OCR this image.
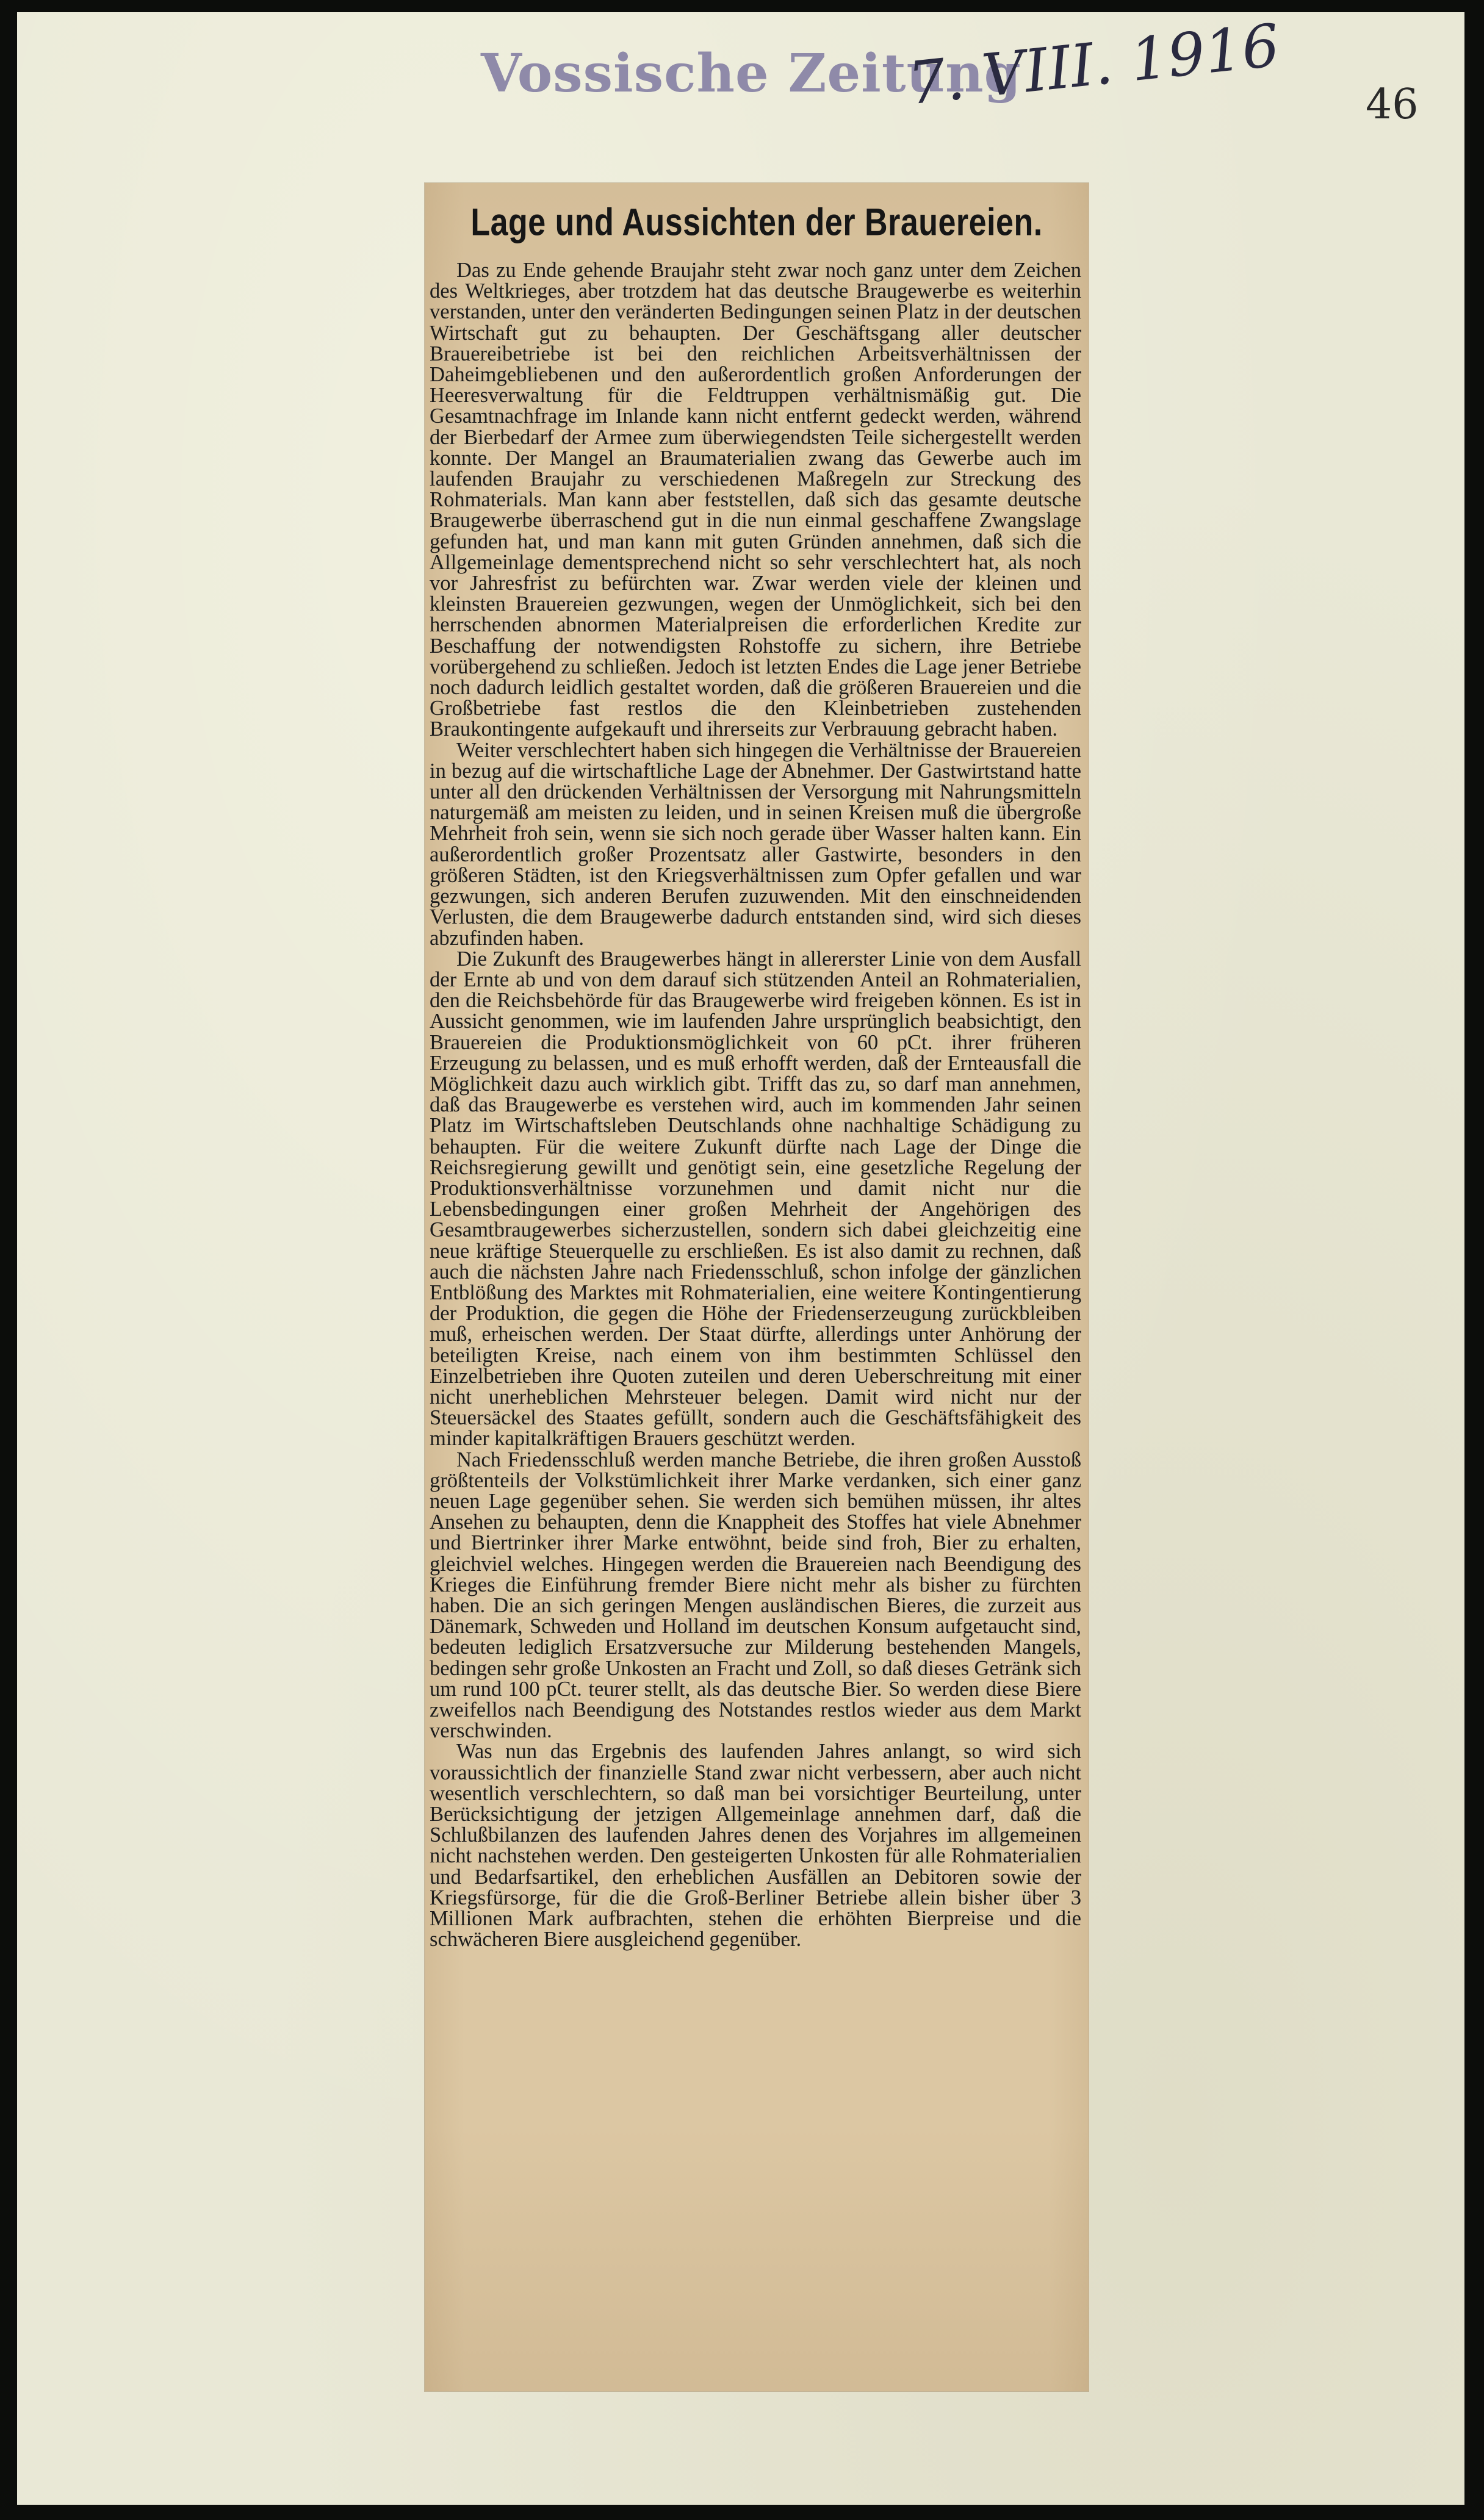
Vossische Zeitung
7. VIII. 1916 46
Lage und Aussichten der Brauereien.

Das zu Ende gehende Braujahr steht zwar noch ganz unter dem Zeichen des Weltkrieges, aber trotzdem hat das deutsche Braugewerbe es weiterhin verstanden, unter den veränderten Bedingungen seinen Platz in der deutschen Wirtschaft gut zu behaupten. Der Geschäftsgang aller deutscher Brauereibetriebe ist bei den reichlichen Arbeitsverhältnissen der Daheimgebliebenen und den außerordentlich großen Anforderungen der Heeresverwaltung für die Feldtruppen verhältnismäßig gut. Die Gesamtnachfrage im Inlande kann nicht entfernt gedeckt werden, während der Bierbedarf der Armee zum überwiegendsten Teile sichergestellt werden konnte. Der Mangel an Braumaterialien zwang das Gewerbe auch im laufenden Braujahr zu verschiedenen Maßregeln zur Streckung des Rohmaterials. Man kann aber feststellen, daß sich das gesamte deutsche Braugewerbe überraschend gut in die nun einmal geschaffene Zwangslage gefunden hat, und man kann mit guten Gründen annehmen, daß sich die Allgemeinlage dementsprechend nicht so sehr verschlechtert hat, als noch vor Jahresfrist zu befürchten war. Zwar werden viele der kleinen und kleinsten Brauereien gezwungen, wegen der Unmöglichkeit, sich bei den herrschenden abnormen Materialpreisen die erforderlichen Kredite zur Beschaffung der notwendigsten Rohstoffe zu sichern, ihre Betriebe vorübergehend zu schließen. Jedoch ist letzten Endes die Lage jener Betriebe noch dadurch leidlich gestaltet worden, daß die größeren Brauereien und die Großbetriebe fast restlos die den Kleinbetrieben zustehenden Braukontingente aufgekauft und ihrerseits zur Verbrauung gebracht haben.

Weiter verschlechtert haben sich hingegen die Verhältnisse der Brauereien in bezug auf die wirtschaftliche Lage der Abnehmer. Der Gastwirtstand hatte unter all den drückenden Verhältnissen der Versorgung mit Nahrungsmitteln naturgemäß am meisten zu leiden, und in seinen Kreisen muß die übergroße Mehrheit froh sein, wenn sie sich noch gerade über Wasser halten kann. Ein außerordentlich großer Prozentsatz aller Gastwirte, besonders in den größeren Städten, ist den Kriegsverhältnissen zum Opfer gefallen und war gezwungen, sich anderen Berufen zuzuwenden. Mit den einschneidenden Verlusten, die dem Braugewerbe dadurch entstanden sind, wird sich dieses abzufinden haben.

Die Zukunft des Braugewerbes hängt in allererster Linie von dem Ausfall der Ernte ab und von dem darauf sich stützenden Anteil an Rohmaterialien, den die Reichsbehörde für das Braugewerbe wird freigeben können. Es ist in Aussicht genommen, wie im laufenden Jahre ursprünglich beabsichtigt, den Brauereien die Produktionsmöglichkeit von 60 pCt. ihrer früheren Erzeugung zu belassen, und es muß erhofft werden, daß der Ernteausfall die Möglichkeit dazu auch wirklich gibt. Trifft das zu, so darf man annehmen, daß das Braugewerbe es verstehen wird, auch im kommenden Jahr seinen Platz im Wirtschaftsleben Deutschlands ohne nachhaltige Schädigung zu behaupten. Für die weitere Zukunft dürfte nach Lage der Dinge die Reichsregierung gewillt und genötigt sein, eine gesetzliche Regelung der Produktionsverhältnisse vorzunehmen und damit nicht nur die Lebensbedingungen einer großen Mehrheit der Angehörigen des Gesamtbraugewerbes sicherzustellen, sondern sich dabei gleichzeitig eine neue kräftige Steuerquelle zu erschließen. Es ist also damit zu rechnen, daß auch die nächsten Jahre nach Friedensschluß, schon infolge der gänzlichen Entblößung des Marktes mit Rohmaterialien, eine weitere Kontingentierung der Produktion, die gegen die Höhe der Friedenserzeugung zurückbleiben muß, erheischen werden. Der Staat dürfte, allerdings unter Anhörung der beteiligten Kreise, nach einem von ihm bestimmten Schlüssel den Einzelbetrieben ihre Quoten zuteilen und deren Ueberschreitung mit einer nicht unerheblichen Mehrsteuer belegen. Damit wird nicht nur der Steuersäckel des Staates gefüllt, sondern auch die Geschäftsfähigkeit des minder kapitalkräftigen Brauers geschützt werden.

Nach Friedensschluß werden manche Betriebe, die ihren großen Ausstoß größtenteils der Volkstümlichkeit ihrer Marke verdanken, sich einer ganz neuen Lage gegenüber sehen. Sie werden sich bemühen müssen, ihr altes Ansehen zu behaupten, denn die Knappheit des Stoffes hat viele Abnehmer und Biertrinker ihrer Marke entwöhnt, beide sind froh, Bier zu erhalten, gleichviel welches. Hingegen werden die Brauereien nach Beendigung des Krieges die Einführung fremder Biere nicht mehr als bisher zu fürchten haben. Die an sich geringen Mengen ausländischen Bieres, die zurzeit aus Dänemark, Schweden und Holland im deutschen Konsum aufgetaucht sind, bedeuten lediglich Ersatzversuche zur Milderung bestehenden Mangels, bedingen sehr große Unkosten an Fracht und Zoll, so daß dieses Getränk sich um rund 100 pCt. teurer stellt, als das deutsche Bier. So werden diese Biere zweifellos nach Beendigung des Notstandes restlos wieder aus dem Markt verschwinden.

Was nun das Ergebnis des laufenden Jahres anlangt, so wird sich voraussichtlich der finanzielle Stand zwar nicht verbessern, aber auch nicht wesentlich verschlechtern, so daß man bei vorsichtiger Beurteilung, unter Berücksichtigung der jetzigen Allgemeinlage annehmen darf, daß die Schlußbilanzen des laufenden Jahres denen des Vorjahres im allgemeinen nicht nachstehen werden. Den gesteigerten Unkosten für alle Rohmaterialien und Bedarfsartikel, den erheblichen Ausfällen an Debitoren sowie der Kriegsfürsorge, für die die Groß-Berliner Betriebe allein bisher über 3 Millionen Mark aufbrachten, stehen die erhöhten Bierpreise und die schwächeren Biere ausgleichend gegenüber.
